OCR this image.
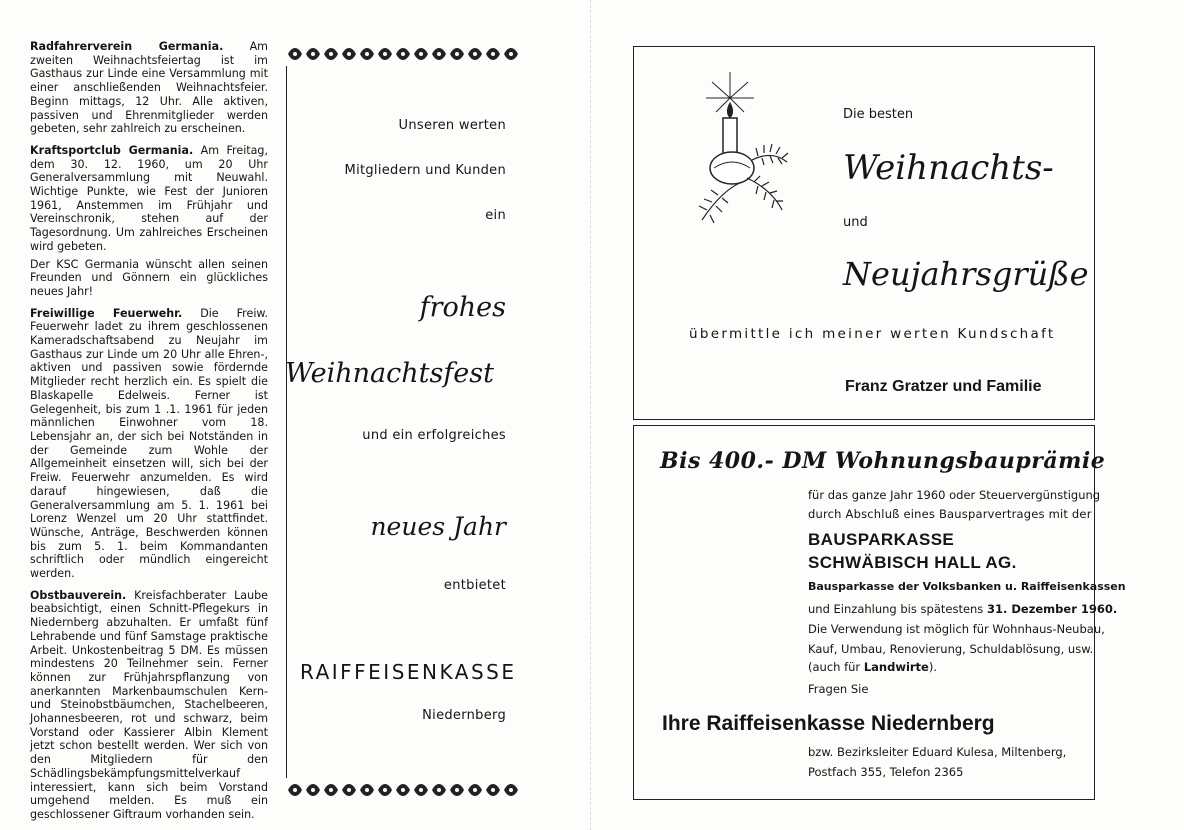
Radfahrerverein Germania. Am zweiten Weihnachtsfeiertag ist im Gasthaus zur Linde eine Versammlung mit einer anschließenden Weihnachtsfeier. Beginn mittags, 12 Uhr. Alle aktiven, passiven und Ehrenmitglieder werden gebeten, sehr zahlreich zu erscheinen.

Kraftsportclub Germania. Am Freitag, dem 30. 12. 1960, um 20 Uhr Generalversammlung mit Neuwahl. Wichtige Punkte, wie Fest der Junioren 1961, Anstemmen im Frühjahr und Vereinschronik, stehen auf der Tagesordnung. Um zahlreiches Erscheinen wird gebeten.

Der KSC Germania wünscht allen seinen Freunden und Gönnern ein glückliches neues Jahr!

Freiwillige Feuerwehr. Die Freiw. Feuerwehr ladet zu ihrem geschlossenen Kameradschaftsabend zu Neujahr im Gasthaus zur Linde um 20 Uhr alle Ehren-, aktiven und passiven sowie fördernde Mitglieder recht herzlich ein. Es spielt die Blaskapelle Edelweis. Ferner ist Gelegenheit, bis zum 1 .1. 1961 für jeden männlichen Einwohner vom 18. Lebensjahr an, der sich bei Notständen in der Gemeinde zum Wohle der Allgemeinheit einsetzen will, sich bei der Freiw. Feuerwehr anzumelden. Es wird darauf hingewiesen, daß die Generalversammlung am 5. 1. 1961 bei Lorenz Wenzel um 20 Uhr stattfindet. Wünsche, Anträge, Beschwerden können bis zum 5. 1. beim Kommandanten schriftlich oder mündlich eingereicht werden.

Obstbauverein. Kreisfachberater Laube beabsichtigt, einen Schnitt-Pflegekurs in Niedernberg abzuhalten. Er umfaßt fünf Lehrabende und fünf Samstage praktische Arbeit. Unkostenbeitrag 5 DM. Es müssen mindestens 20 Teilnehmer sein. Ferner können zur Frühjahrspflanzung von anerkannten Markenbaumschulen Kern- und Steinobstbäumchen, Stachelbeeren, Johannesbeeren, rot und schwarz, beim Vorstand oder Kassierer Albin Klement jetzt schon bestellt werden. Wer sich von den Mitgliedern für den Schädlingsbekämpfungsmittelverkauf interessiert, kann sich beim Vorstand umgehend melden. Es muß ein geschlossener Giftraum vorhanden sein.

Unseren werten
Mitgliedern und Kunden
ein
frohes
Weihnachtsfest
und ein erfolgreiches
neues Jahr
entbietet
RAIFFEISENKASSE
Niedernberg
Die besten
Weihnachts-
und
Neujahrsgrüße
übermittle ich meiner werten Kundschaft
Franz Gratzer und Familie
Bis 400.- DM Wohnungsbauprämie
für das ganze Jahr 1960 oder Steuervergünstigung
durch Abschluß eines Bausparvertrages mit der
BAUSPARKASSE
SCHWÄBISCH HALL AG.
Bausparkasse der Volksbanken u. Raiffeisenkassen
und Einzahlung bis spätestens 31. Dezember 1960.
Die Verwendung ist möglich für Wohnhaus-Neubau,
Kauf, Umbau, Renovierung, Schuldablösung, usw.
(auch für Landwirte).
Fragen Sie
Ihre Raiffeisenkasse Niedernberg
bzw. Bezirksleiter Eduard Kulesa, Miltenberg,
Postfach 355, Telefon 2365
